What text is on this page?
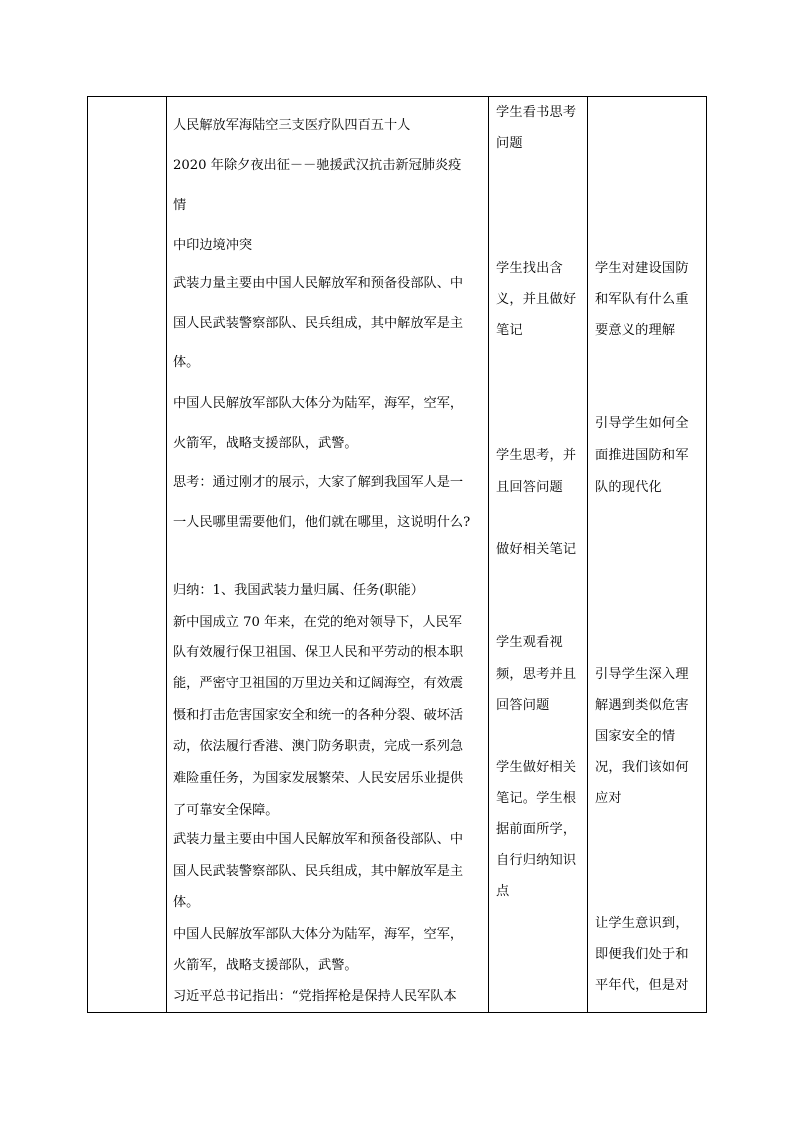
人民解放军海陆空三支医疗队四百五十人
2020 年除夕夜出征－－驰援武汉抗击新冠肺炎疫
情
中印边境冲突
武装力量主要由中国人民解放军和预备役部队、中
国人民武装警察部队、民兵组成，其中解放军是主
体。
中国人民解放军部队大体分为陆军，海军，空军，
火箭军，战略支援部队，武警。
思考：通过刚才的展示，大家了解到我国军人是一
一人民哪里需要他们，他们就在哪里，这说明什么?
归纳：1、我国武装力量归属、任务(职能）
新中国成立 70 年来，在党的绝对领导下，人民军
队有效履行保卫祖国、保卫人民和平劳动的根本职
能，严密守卫祖国的万里边关和辽阔海空，有效震
慑和打击危害国家安全和统一的各种分裂、破坏活
动，依法履行香港、澳门防务职责，完成一系列急
难险重任务，为国家发展繁荣、人民安居乐业提供
了可靠安全保障。
武装力量主要由中国人民解放军和预备役部队、中
国人民武装警察部队、民兵组成，其中解放军是主
体。
中国人民解放军部队大体分为陆军，海军，空军，
火箭军，战略支援部队，武警。
习近平总书记指出：“党指挥枪是保持人民军队本
学生看书思考
问题
学生找出含
义，并且做好
笔记
学生思考，并
且回答问题
做好相关笔记
学生观看视
频，思考并且
回答问题
学生做好相关
笔记。学生根
据前面所学，
自行归纳知识
点
学生对建设国防
和军队有什么重
要意义的理解
引导学生如何全
面推进国防和军
队的现代化
引导学生深入理
解遇到类似危害
国家安全的情
况，我们该如何
应对
让学生意识到，
即便我们处于和
平年代，但是对
